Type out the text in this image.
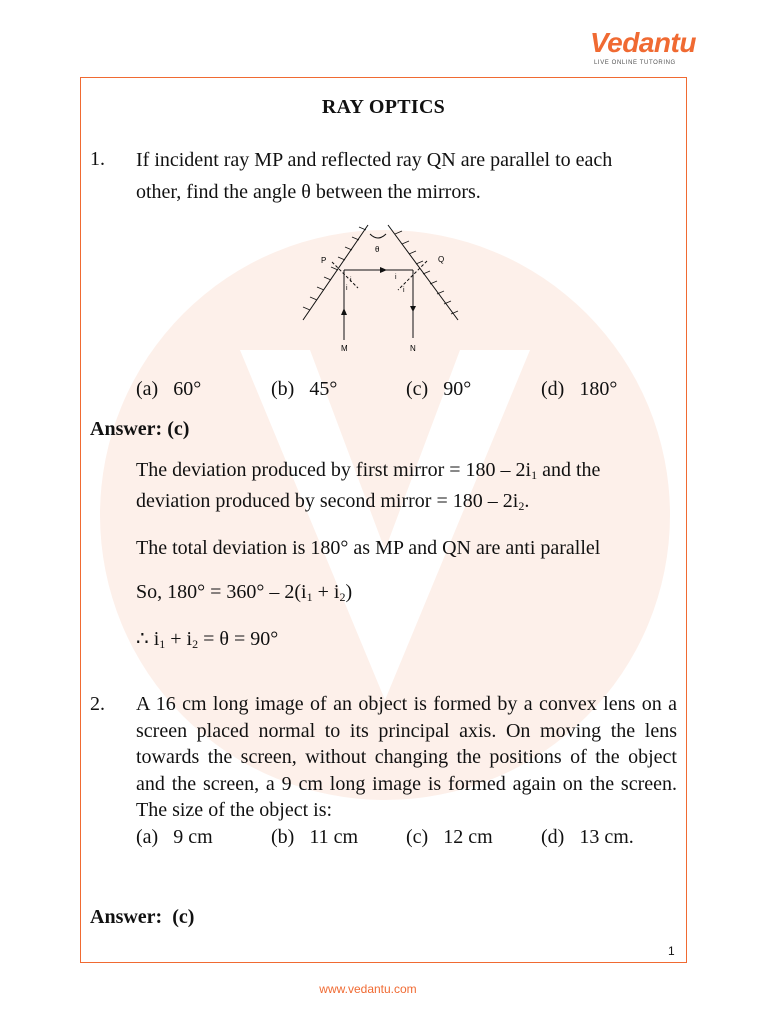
Vedantu
LIVE ONLINE TUTORING
RAY OPTICS
1. If incident ray MP and reflected ray QN are parallel to each
other, find the angle θ between the mirrors.
θ
P	Q
M	N
i
i
i
i
(a)   60°	(b)   45°	(c)   90°	(d)   180°
Answer: (c)
The deviation produced by first mirror = $180 - 2i_1$ and the
deviation produced by second mirror = $180 - 2i_2$.
The total deviation is 180° as MP and QN are anti parallel
So, $180^\circ = 360^\circ - 2(i_1 + i_2)$
∴ $i_1 + i_2 = \theta = 90^\circ$
2. A 16 cm long image of an object is formed by a convex lens on a screen placed normal to its principal axis. On moving the lens towards the screen, without changing the positions of the object and the screen, a 9 cm long image is formed again on the screen. The size of the object is:
(a)   9 cm	(b)   11 cm (c)   12 cm (d)   13 cm.
Answer:  (c)
1
www.vedantu.com
